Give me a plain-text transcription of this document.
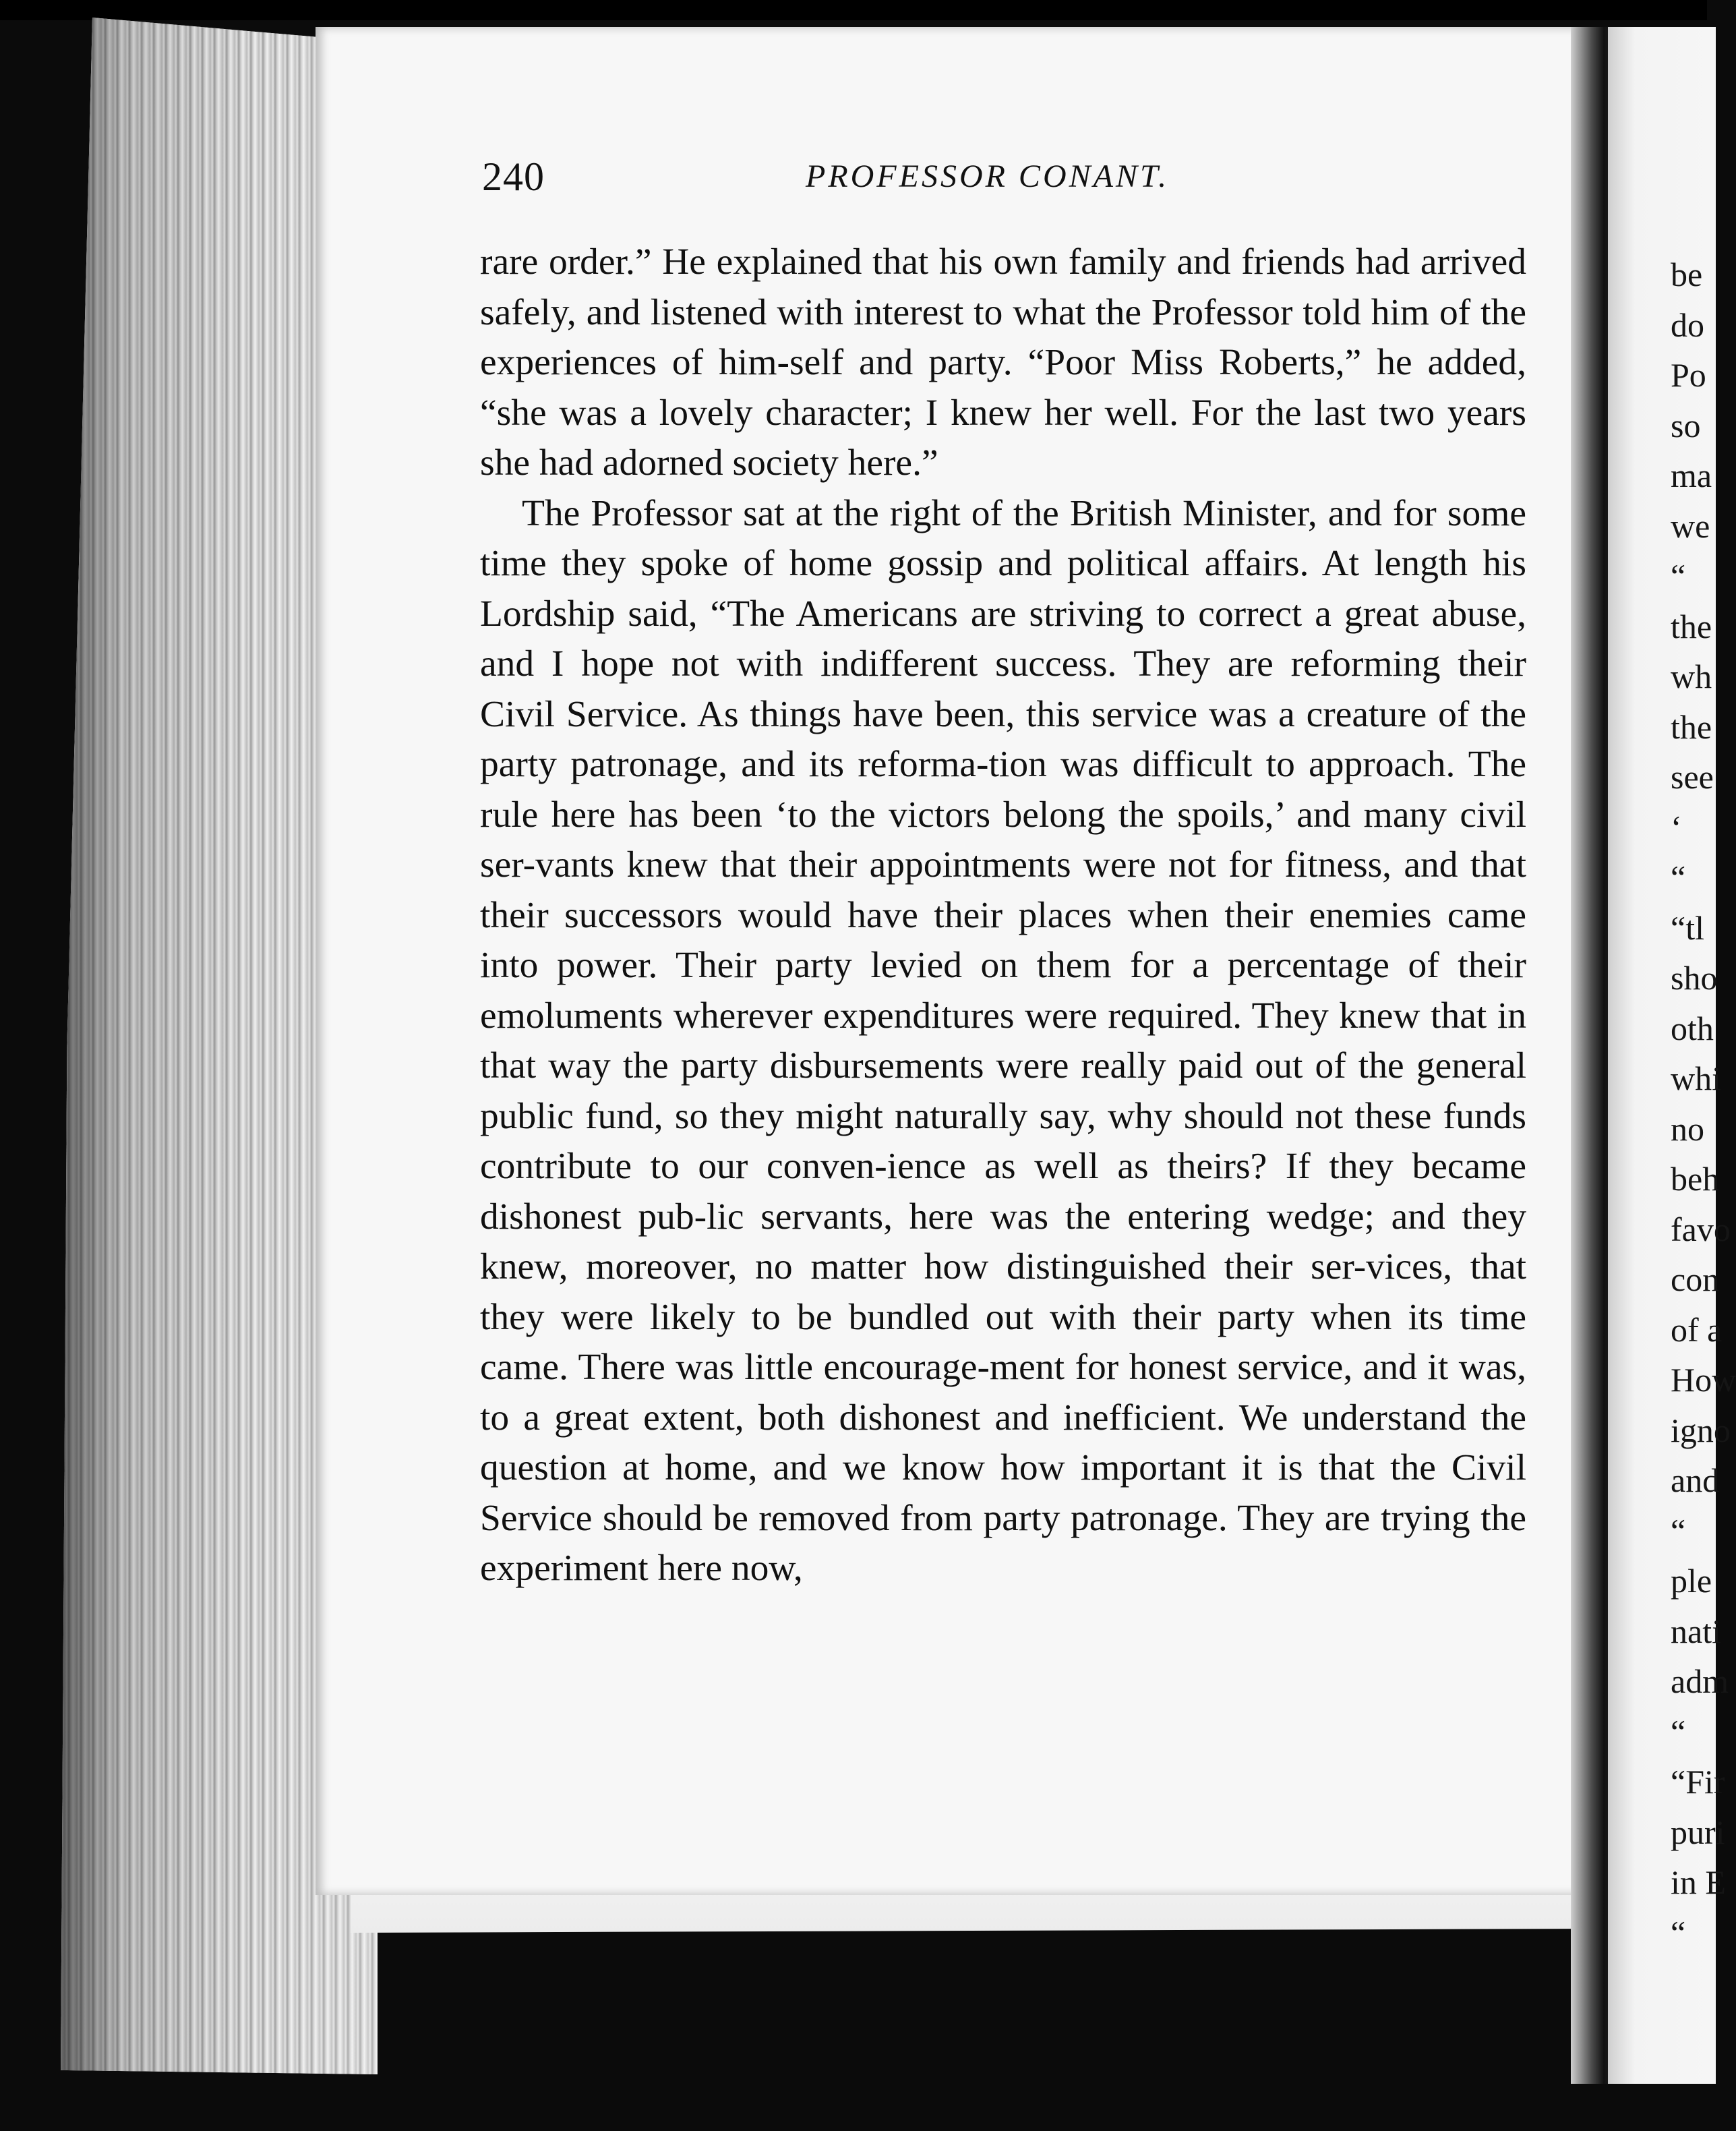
240	PROFESSOR CONANT.

rare order.” He explained that his own family and friends had arrived safely, and listened with interest to what the Professor told him of the experiences of him-self and party. “Poor Miss Roberts,” he added, “she was a lovely character; I knew her well. For the last two years she had adorned society here.”

The Professor sat at the right of the British Minister, and for some time they spoke of home gossip and political affairs. At length his Lordship said, “The Americans are striving to correct a great abuse, and I hope not with indifferent success. They are reforming their Civil Service. As things have been, this service was a creature of the party patronage, and its reforma-tion was difficult to approach. The rule here has been ‘to the victors belong the spoils,’ and many civil ser-vants knew that their appointments were not for fitness, and that their successors would have their places when their enemies came into power. Their party levied on them for a percentage of their emoluments wherever expenditures were required. They knew that in that way the party disbursements were really paid out of the general public fund, so they might naturally say, why should not these funds contribute to our conven-ience as well as theirs? If they became dishonest pub-lic servants, here was the entering wedge; and they knew, moreover, no matter how distinguished their ser-vices, that they were likely to be bundled out with their party when its time came. There was little encourage-ment for honest service, and it was, to a great extent, both dishonest and inefficient. We understand the question at home, and we know how important it is that the Civil Service should be removed from party patronage. They are trying the experiment here now,

be
do
Po
so
ma
we
“
the
wh
the
see
‘
“
“tl
sho
oth
whi
no
beh
favo
con
of a
How
igno
and
“
ple
nati
adm
“
“Fir
puri
in E
“
